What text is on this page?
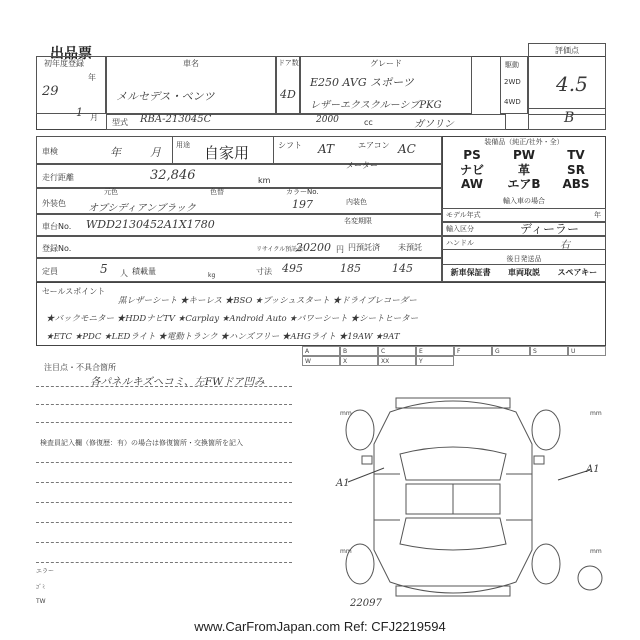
出品票
初年度登録
29
年
1 月
車名
メルセデス・ベンツ
ドア数
4D
グレード
E250 AVG スポーツ
レザーエクスクルーシブPKG
駆動
2WD
4WD
評価点
4.5
B
型式 RBA-213045C	2000	cc	ガソリン
車検	年	月
用途 自家用	シフト AT	エアコン AC
走行距離	32,846	km
メーター
外装色
元色	色替
オブシディアンブラック
カラーNo.
197	内装色
車台No. WDD2130452A1X1780	名変期限
登録No.	リサイクル預託金
20200 円 円預託済 未預託
定員	5 人 積載量	kg	寸法 495	185	145
装備品（純正/社外・全）
PS	PW	TV
ナビ	革	SR
AW	エアB	ABS
輸入車の場合
モデル年式	年
輸入区分	ディーラー
ハンドル	右
後日発送品
新車保証書	車両取説	スペアキー
セールスポイント
黒レザーシート ★キーレス ★BSO ★プッシュスタート ★ドライブレコーダー
★バックモニター ★HDDナビTV ★Carplay ★Android Auto ★パワーシート ★シートヒーター
★ETC ★PDC ★LEDライト ★電動トランク ★ハンズフリー ★AHGライト ★19AW ★9AT
A	B	C	E	F	G	S	U
W	X	XX	Y
注目点・不具合箇所
各パネルキズヘコミ、左FWドア凹み
検査員記入欄（修復歴：有）の場合は修復箇所・交換箇所を記入
エラー
ｺﾞﾐ
TW
A1
A1
mm	mm
mm	mm
22097
www.CarFromJapan.com Ref: CFJ2219594
